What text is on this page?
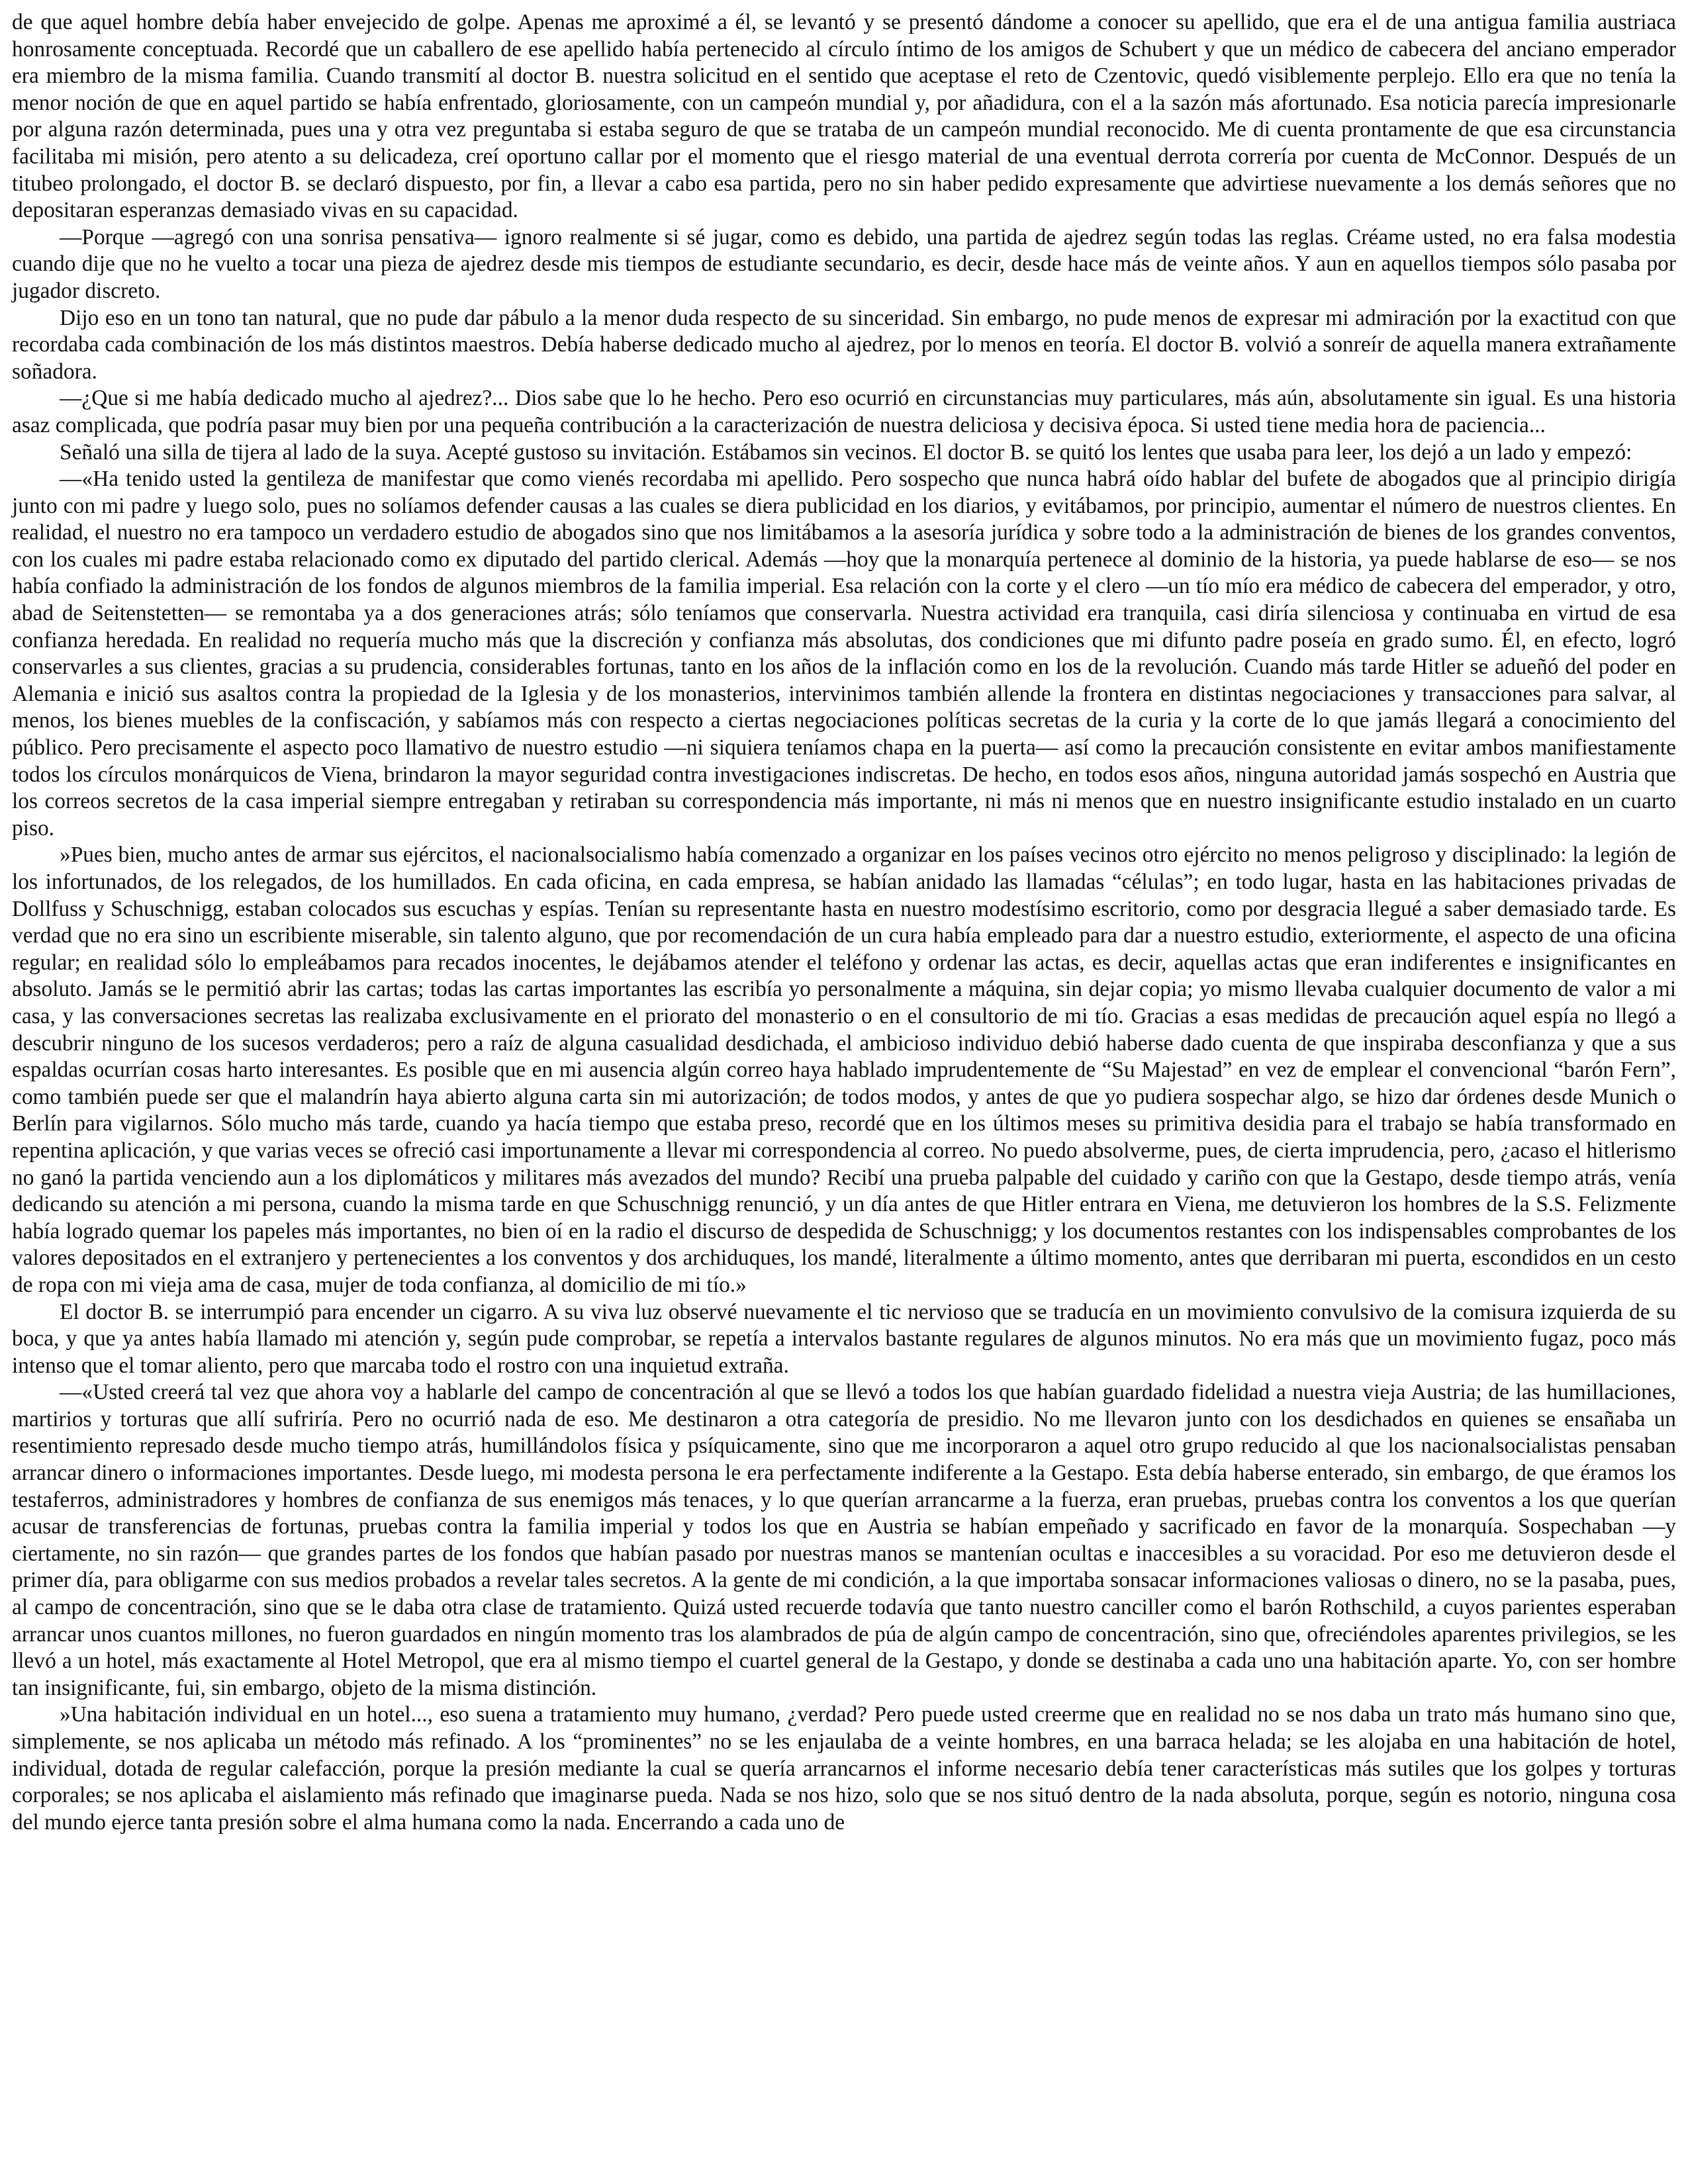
de que aquel hombre debía haber envejecido de golpe. Apenas me aproximé a él, se levantó y se presentó dándome a conocer su apellido, que era el de una antigua familia austriaca honrosamente conceptuada. Recordé que un caballero de ese apellido había pertenecido al círculo íntimo de los amigos de Schubert y que un médico de cabecera del anciano emperador era miembro de la misma familia. Cuando transmití al doctor B. nuestra solicitud en el sentido que aceptase el reto de Czentovic, quedó visiblemente perplejo. Ello era que no tenía la menor noción de que en aquel partido se había enfrentado, gloriosamente, con un campeón mundial y, por añadidura, con el a la sazón más afortunado. Esa noticia parecía impresionarle por alguna razón determinada, pues una y otra vez preguntaba si estaba seguro de que se trataba de un campeón mundial reconocido. Me di cuenta prontamente de que esa circunstancia facilitaba mi misión, pero atento a su delicadeza, creí oportuno callar por el momento que el riesgo material de una eventual derrota correría por cuenta de McConnor. Después de un titubeo prolongado, el doctor B. se declaró dispuesto, por fin, a llevar a cabo esa partida, pero no sin haber pedido expresamente que advirtiese nuevamente a los demás señores que no depositaran esperanzas demasiado vivas en su capacidad.

—Porque —agregó con una sonrisa pensativa— ignoro realmente si sé jugar, como es debido, una partida de ajedrez según todas las reglas. Créame usted, no era falsa modestia cuando dije que no he vuelto a tocar una pieza de ajedrez desde mis tiempos de estudiante secundario, es decir, desde hace más de veinte años. Y aun en aquellos tiempos sólo pasaba por jugador discreto.

Dijo eso en un tono tan natural, que no pude dar pábulo a la menor duda respecto de su sinceridad. Sin embargo, no pude menos de expresar mi admiración por la exactitud con que recordaba cada combinación de los más distintos maestros. Debía haberse dedicado mucho al ajedrez, por lo menos en teoría. El doctor B. volvió a sonreír de aquella manera extrañamente soñadora.

—¿Que si me había dedicado mucho al ajedrez?... Dios sabe que lo he hecho. Pero eso ocurrió en circunstancias muy particulares, más aún, absolutamente sin igual. Es una historia asaz complicada, que podría pasar muy bien por una pequeña contribución a la caracterización de nuestra deliciosa y decisiva época. Si usted tiene media hora de paciencia...

Señaló una silla de tijera al lado de la suya. Acepté gustoso su invitación. Estábamos sin vecinos. El doctor B. se quitó los lentes que usaba para leer, los dejó a un lado y empezó:

—«Ha tenido usted la gentileza de manifestar que como vienés recordaba mi apellido. Pero sospecho que nunca habrá oído hablar del bufete de abogados que al principio dirigía junto con mi padre y luego solo, pues no solíamos defender causas a las cuales se diera publicidad en los diarios, y evitábamos, por principio, aumentar el número de nuestros clientes. En realidad, el nuestro no era tampoco un verdadero estudio de abogados sino que nos limitábamos a la asesoría jurídica y sobre todo a la administración de bienes de los grandes conventos, con los cuales mi padre estaba relacionado como ex diputado del partido clerical. Además —hoy que la monarquía pertenece al dominio de la historia, ya puede hablarse de eso— se nos había confiado la administración de los fondos de algunos miembros de la familia imperial. Esa relación con la corte y el clero —un tío mío era médico de cabecera del emperador, y otro, abad de Seitenstetten— se remontaba ya a dos generaciones atrás; sólo teníamos que conservarla. Nuestra actividad era tranquila, casi diría silenciosa y continuaba en virtud de esa confianza heredada. En realidad no requería mucho más que la discreción y confianza más absolutas, dos condiciones que mi difunto padre poseía en grado sumo. Él, en efecto, logró conservarles a sus clientes, gracias a su prudencia, considerables fortunas, tanto en los años de la inflación como en los de la revolución. Cuando más tarde Hitler se adueñó del poder en Alemania e inició sus asaltos contra la propiedad de la Iglesia y de los monasterios, intervinimos también allende la frontera en distintas negociaciones y transacciones para salvar, al menos, los bienes muebles de la confiscación, y sabíamos más con respecto a ciertas negociaciones políticas secretas de la curia y la corte de lo que jamás llegará a conocimiento del público. Pero precisamente el aspecto poco llamativo de nuestro estudio —ni siquiera teníamos chapa en la puerta— así como la precaución consistente en evitar ambos manifiestamente todos los círculos monárquicos de Viena, brindaron la mayor seguridad contra investigaciones indiscretas. De hecho, en todos esos años, ninguna autoridad jamás sospechó en Austria que los correos secretos de la casa imperial siempre entregaban y retiraban su correspondencia más importante, ni más ni menos que en nuestro insignificante estudio instalado en un cuarto piso.

»Pues bien, mucho antes de armar sus ejércitos, el nacionalsocialismo había comenzado a organizar en los países vecinos otro ejército no menos peligroso y disciplinado: la legión de los infortunados, de los relegados, de los humillados. En cada oficina, en cada empresa, se habían anidado las llamadas “células”; en todo lugar, hasta en las habitaciones privadas de Dollfuss y Schuschnigg, estaban colocados sus escuchas y espías. Tenían su representante hasta en nuestro modestísimo escritorio, como por desgracia llegué a saber demasiado tarde. Es verdad que no era sino un escribiente miserable, sin talento alguno, que por recomendación de un cura había empleado para dar a nuestro estudio, exteriormente, el aspecto de una oficina regular; en realidad sólo lo empleábamos para recados inocentes, le dejábamos atender el teléfono y ordenar las actas, es decir, aquellas actas que eran indiferentes e insignificantes en absoluto. Jamás se le permitió abrir las cartas; todas las cartas importantes las escribía yo personalmente a máquina, sin dejar copia; yo mismo llevaba cualquier documento de valor a mi casa, y las conversaciones secretas las realizaba exclusivamente en el priorato del monasterio o en el consultorio de mi tío. Gracias a esas medidas de precaución aquel espía no llegó a descubrir ninguno de los sucesos verdaderos; pero a raíz de alguna casualidad desdichada, el ambicioso individuo debió haberse dado cuenta de que inspiraba desconfianza y que a sus espaldas ocurrían cosas harto interesantes. Es posible que en mi ausencia algún correo haya hablado imprudentemente de “Su Majestad” en vez de emplear el convencional “barón Fern”, como también puede ser que el malandrín haya abierto alguna carta sin mi autorización; de todos modos, y antes de que yo pudiera sospechar algo, se hizo dar órdenes desde Munich o Berlín para vigilarnos. Sólo mucho más tarde, cuando ya hacía tiempo que estaba preso, recordé que en los últimos meses su primitiva desidia para el trabajo se había transformado en repentina aplicación, y que varias veces se ofreció casi importunamente a llevar mi correspondencia al correo. No puedo absolverme, pues, de cierta imprudencia, pero, ¿acaso el hitlerismo no ganó la partida venciendo aun a los diplomáticos y militares más avezados del mundo? Recibí una prueba palpable del cuidado y cariño con que la Gestapo, desde tiempo atrás, venía dedicando su atención a mi persona, cuando la misma tarde en que Schuschnigg renunció, y un día antes de que Hitler entrara en Viena, me detuvieron los hombres de la S.S. Felizmente había logrado quemar los papeles más importantes, no bien oí en la radio el discurso de despedida de Schuschnigg; y los documentos restantes con los indispensables comprobantes de los valores depositados en el extranjero y pertenecientes a los conventos y dos archiduques, los mandé, literalmente a último momento, antes que derribaran mi puerta, escondidos en un cesto de ropa con mi vieja ama de casa, mujer de toda confianza, al domicilio de mi tío.»

El doctor B. se interrumpió para encender un cigarro. A su viva luz observé nuevamente el tic nervioso que se traducía en un movimiento convulsivo de la comisura izquierda de su boca, y que ya antes había llamado mi atención y, según pude comprobar, se repetía a intervalos bastante regulares de algunos minutos. No era más que un movimiento fugaz, poco más intenso que el tomar aliento, pero que marcaba todo el rostro con una inquietud extraña.

—«Usted creerá tal vez que ahora voy a hablarle del campo de concentración al que se llevó a todos los que habían guardado fidelidad a nuestra vieja Austria; de las humillaciones, martirios y torturas que allí sufriría. Pero no ocurrió nada de eso. Me destinaron a otra categoría de presidio. No me llevaron junto con los desdichados en quienes se ensañaba un resentimiento represado desde mucho tiempo atrás, humillándolos física y psíquicamente, sino que me incorporaron a aquel otro grupo reducido al que los nacionalsocialistas pensaban arrancar dinero o informaciones importantes. Desde luego, mi modesta persona le era perfectamente indiferente a la Gestapo. Esta debía haberse enterado, sin embargo, de que éramos los testaferros, administradores y hombres de confianza de sus enemigos más tenaces, y lo que querían arrancarme a la fuerza, eran pruebas, pruebas contra los conventos a los que querían acusar de transferencias de fortunas, pruebas contra la familia imperial y todos los que en Austria se habían empeñado y sacrificado en favor de la monarquía. Sospechaban —y ciertamente, no sin razón— que grandes partes de los fondos que habían pasado por nuestras manos se mantenían ocultas e inaccesibles a su voracidad. Por eso me detuvieron desde el primer día, para obligarme con sus medios probados a revelar tales secretos. A la gente de mi condición, a la que importaba sonsacar informaciones valiosas o dinero, no se la pasaba, pues, al campo de concentración, sino que se le daba otra clase de tratamiento. Quizá usted recuerde todavía que tanto nuestro canciller como el barón Rothschild, a cuyos parientes esperaban arrancar unos cuantos millones, no fueron guardados en ningún momento tras los alambrados de púa de algún campo de concentración, sino que, ofreciéndoles aparentes privilegios, se les llevó a un hotel, más exactamente al Hotel Metropol, que era al mismo tiempo el cuartel general de la Gestapo, y donde se destinaba a cada uno una habitación aparte. Yo, con ser hombre tan insignificante, fui, sin embargo, objeto de la misma distinción.

»Una habitación individual en un hotel..., eso suena a tratamiento muy humano, ¿verdad? Pero puede usted creerme que en realidad no se nos daba un trato más humano sino que, simplemente, se nos aplicaba un método más refinado. A los “prominentes” no se les enjaulaba de a veinte hombres, en una barraca helada; se les alojaba en una habitación de hotel, individual, dotada de regular calefacción, porque la presión mediante la cual se quería arrancarnos el informe necesario debía tener características más sutiles que los golpes y torturas corporales; se nos aplicaba el aislamiento más refinado que imaginarse pueda. Nada se nos hizo, solo que se nos situó dentro de la nada absoluta, porque, según es notorio, ninguna cosa del mundo ejerce tanta presión sobre el alma humana como la nada. Encerrando a cada uno de
